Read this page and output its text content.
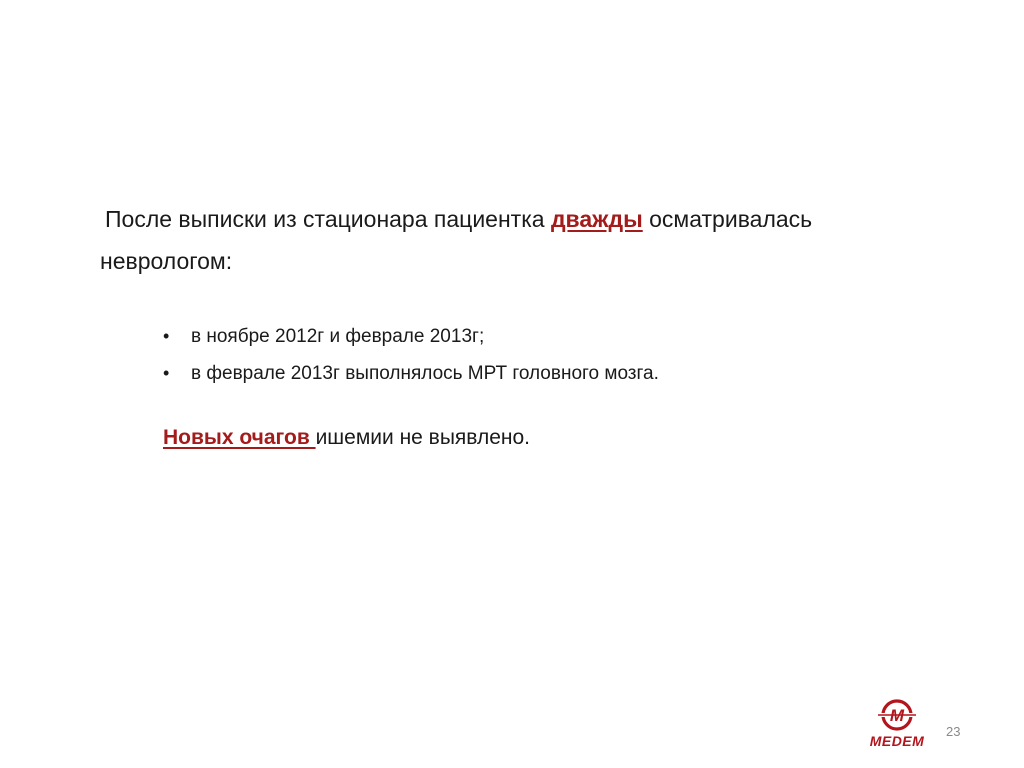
После выписки из стационара пациентка дважды осматривалась неврологом:

•	в ноябре 2012г и феврале 2013г;
•	в феврале 2013г выполнялось МРТ головного мозга.

Новых очагов ишемии не выявлено.

M
MEDEM
23
